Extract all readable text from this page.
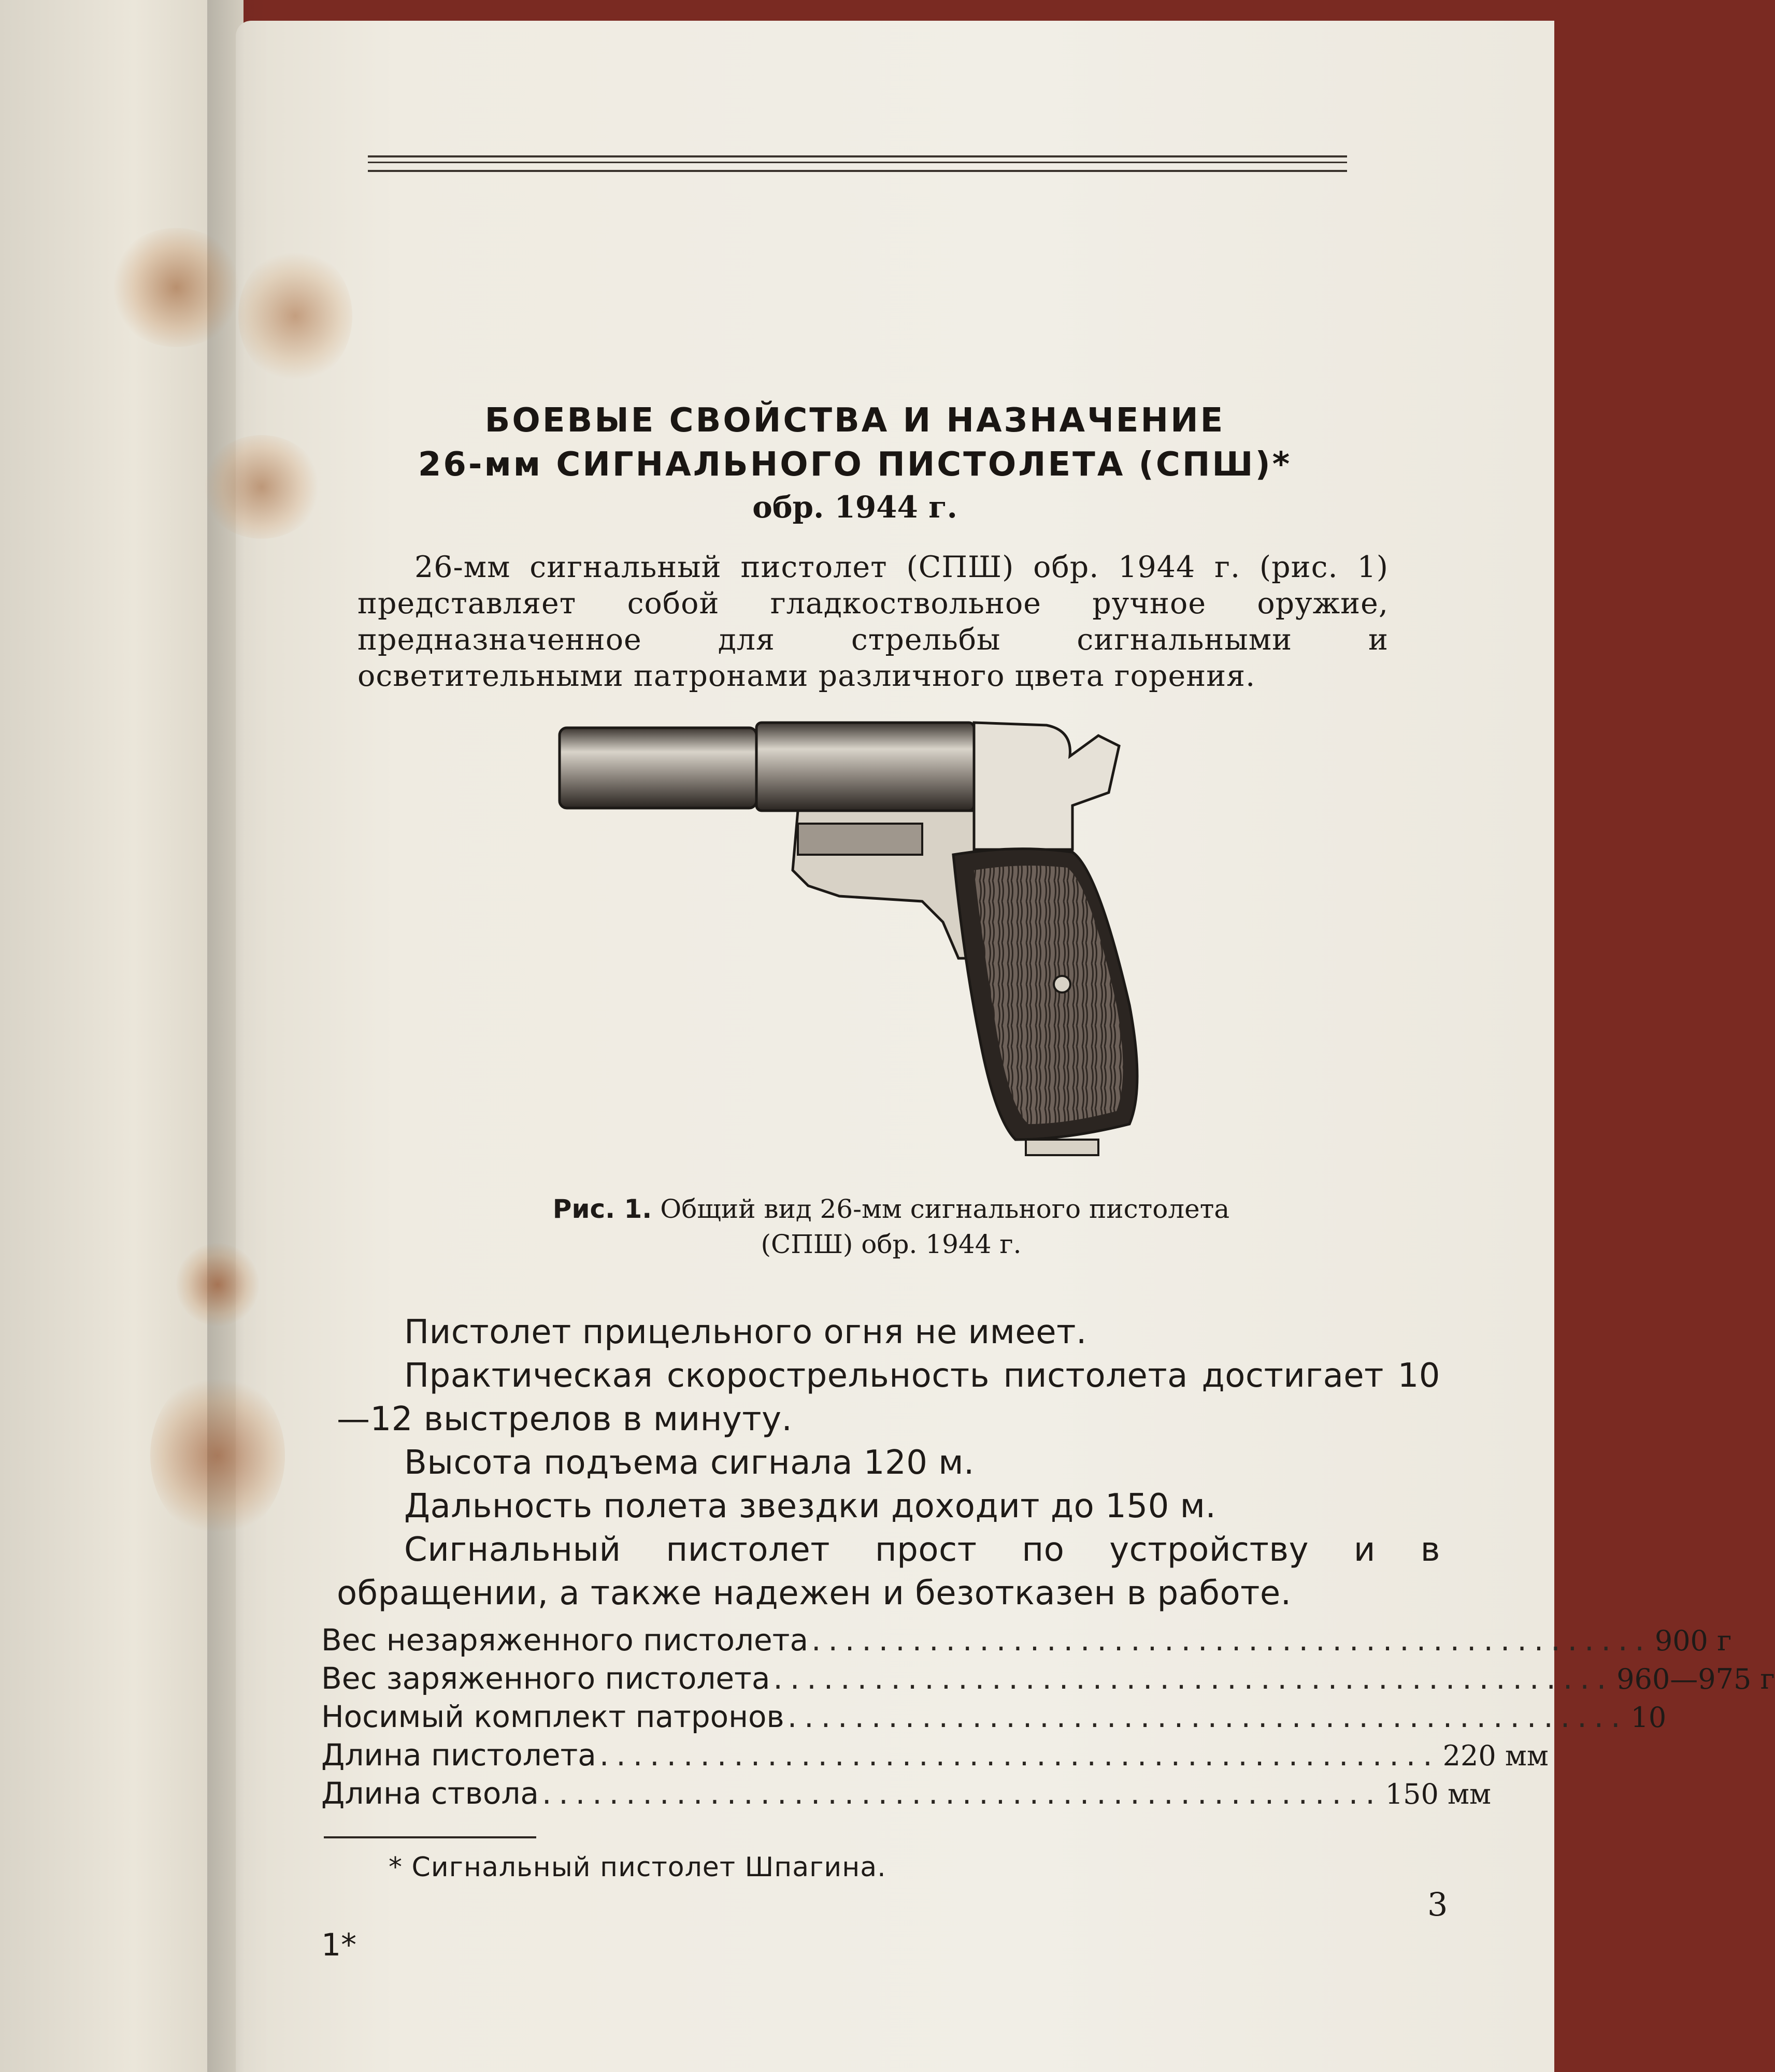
БОЕВЫЕ СВОЙСТВА И НАЗНАЧЕНИЕ
26-мм СИГНАЛЬНОГО ПИСТОЛЕТА (СПШ)*
обр. 1944 г.
26-мм сигнальный пистолет (СПШ) обр. 1944 г. (рис. 1) представляет собой гладкоствольное ручное оружие, предназначенное для стрельбы сигнальными и осветительными патронами различного цвета горения.
Рис. 1. Общий вид 26-мм сигнального пистолета (СПШ) обр. 1944 г.
Пистолет прицельного огня не имеет.
Практическая скорострельность пистолета достигает 10—12 выстрелов в минуту.
Высота подъема сигнала 120 м.
Дальность полета звездки доходит до 150 м.
Сигнальный пистолет прост по устройству и в обращении, а также надежен и безотказен в работе.
Вес незаряженного пистолета .................................................. 900 г
Вес заряженного пистолета .................................................. 960—975 г
Носимый комплект патронов .................................................. 10
Длина пистолета .................................................. 220 мм
Длина ствола .................................................. 150 мм
* Сигнальный пистолет Шпагина.
3
1*
